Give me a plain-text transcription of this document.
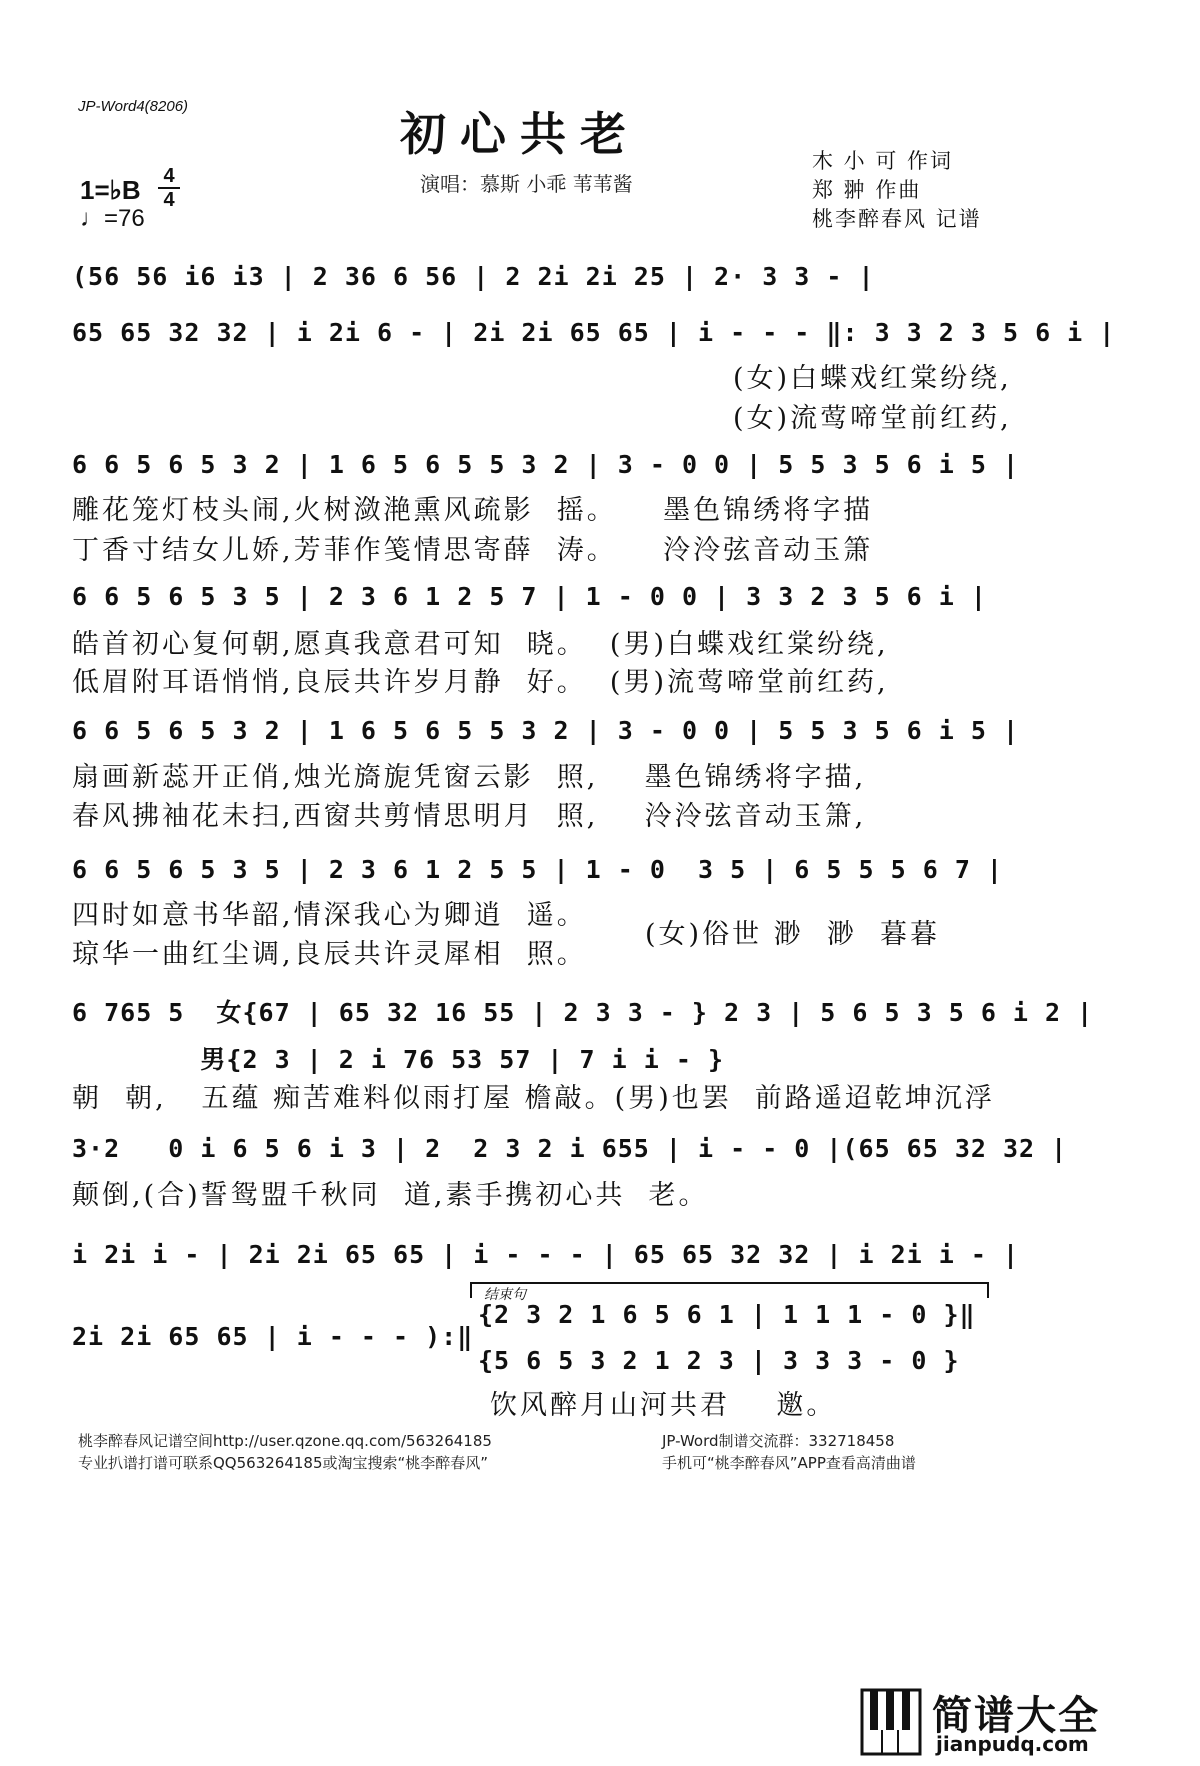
JP-Word4(8206)
初心共老
演唱：慕斯 小乖 苇苇酱
木 小 可 作词
郑 翀 作曲
桃李醉春风 记谱
1=♭B 4
4
♩=76
(56 56 i6 i3 | 2 36 6 56 | 2 2i 2i 25 | 2· 3 3 - |
65 65 32 32 | i 2i 6 - | 2i 2i 65 65 | i - - - ‖: 3 3 2 3 5 6 i |
(女)白蝶戏红棠纷绕,
(女)流莺啼堂前红药,
6 6 5 6 5 3 2 | 1 6 5 6 5 5 3 2 | 3 - 0 0 | 5 5 3 5 6 i 5 |
雕花笼灯枝头闹,火树潋滟熏风疏影  摇。    墨色锦绣将字描
丁香寸结女儿娇,芳菲作笺情思寄薛  涛。    泠泠弦音动玉箫
6 6 5 6 5 3 5 | 2 3 6 1 2 5 7 | 1 - 0 0 | 3 3 2 3 5 6 i |
皓首初心复何朝,愿真我意君可知  晓。  (男)白蝶戏红棠纷绕,
低眉附耳语悄悄,良辰共许岁月静  好。  (男)流莺啼堂前红药,
6 6 5 6 5 3 2 | 1 6 5 6 5 5 3 2 | 3 - 0 0 | 5 5 3 5 6 i 5 |
扇画新蕊开正俏,烛光旖旎凭窗云影  照,    墨色锦绣将字描,
春风拂袖花未扫,西窗共剪情思明月  照,    泠泠弦音动玉箫,
6 6 5 6 5 3 5 | 2 3 6 1 2 5 5 | 1 - 0  3 5 | 6 5 5 5 6 7 |
四时如意书华韶,情深我心为卿逍  遥。
琼华一曲红尘调,良辰共许灵犀相  照。
(女)俗世 渺  渺  暮暮
6 765 5  女{67 | 65 32 16 55 | 2 3 3 - } 2 3 | 5 6 5 3 5 6 i 2 |
男{2 3 | 2 i 76 53 57 | 7 i i - }
朝  朝,   五蕴 痴苦难料似雨打屋 檐敲。(男)也罢  前路遥迢乾坤沉浮
3·2   0 i 6 5 6 i 3 | 2  2 3 2 i 655 | i - - 0 |(65 65 32 32 |
颠倒,(合)誓鸳盟千秋同  道,素手携初心共  老。
i 2i i - | 2i 2i 65 65 | i - - - | 65 65 32 32 | i 2i i - |
2i 2i 65 65 | i - - - ):‖
结束句
{2 3 2 1 6 5 6 1 | 1 1 1 - 0 }‖
{5 6 5 3 2 1 2 3 | 3 3 3 - 0 }
饮风醉月山河共君    邀。
桃李醉春风记谱空间http://user.qzone.qq.com/563264185
专业扒谱打谱可联系QQ563264185或淘宝搜索“桃李醉春风”
JP-Word制谱交流群：332718458
手机可“桃李醉春风”APP查看高清曲谱
简谱大全
jianpudq.com
